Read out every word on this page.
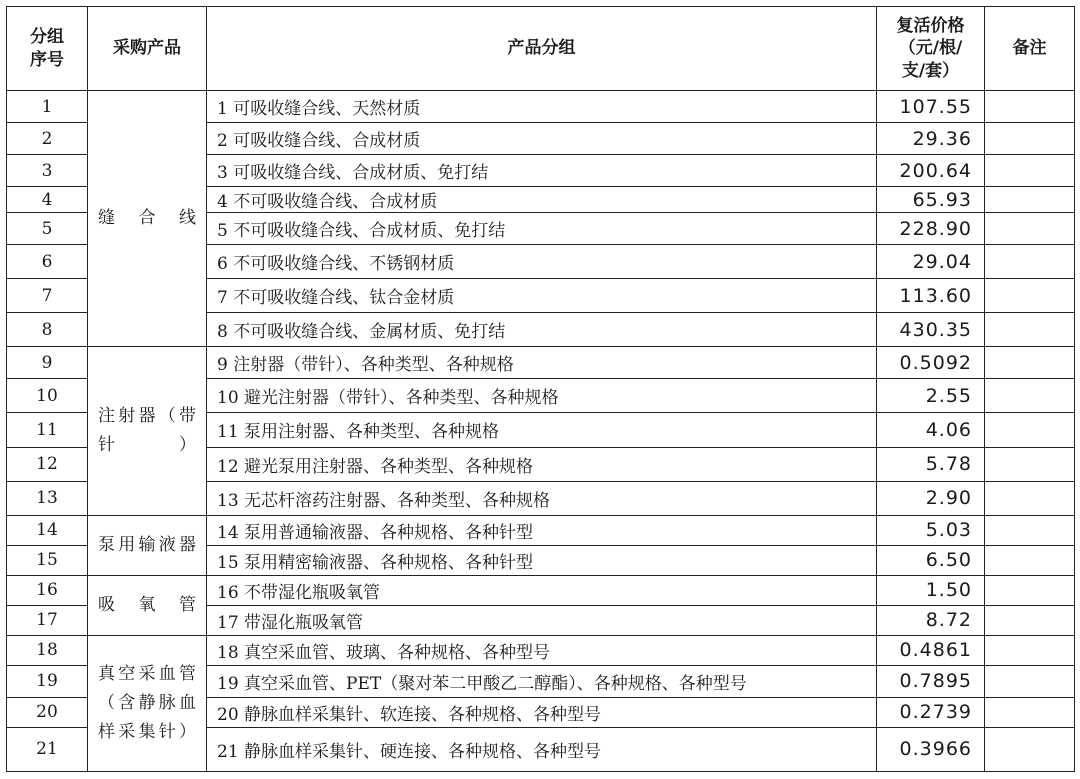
分组序号	采购产品	产品分组	复活价格（元/根/支/套）	备注
1	缝合线	1 可吸收缝合线、天然材质	107.55	
2		2 可吸收缝合线、合成材质	29.36	
3		3 可吸收缝合线、合成材质、免打结	200.64	
4		4 不可吸收缝合线、合成材质	65.93	
5		5 不可吸收缝合线、合成材质、免打结	228.90	
6		6 不可吸收缝合线、不锈钢材质	29.04	
7		7 不可吸收缝合线、钛合金材质	113.60	
8		8 不可吸收缝合线、金属材质、免打结	430.35	
9	注射器（带针）	9 注射器（带针）、各种类型、各种规格	0.5092	
10		10 避光注射器（带针）、各种类型、各种规格	2.55	
11		11 泵用注射器、各种类型、各种规格	4.06	
12		12 避光泵用注射器、各种类型、各种规格	5.78	
13		13 无芯杆溶药注射器、各种类型、各种规格	2.90	
14	泵用输液器	14 泵用普通输液器、各种规格、各种针型	5.03	
15		15 泵用精密输液器、各种规格、各种针型	6.50	
16	吸氧管	16 不带湿化瓶吸氧管	1.50	
17		17 带湿化瓶吸氧管	8.72	
18	真空采血管（含静脉血样采集针）	18 真空采血管、玻璃、各种规格、各种型号	0.4861	
19		19 真空采血管、PET（聚对苯二甲酸乙二醇酯）、各种规格、各种型号	0.7895	
20		20 静脉血样采集针、软连接、各种规格、各种型号	0.2739	
21		21 静脉血样采集针、硬连接、各种规格、各种型号	0.3966	
